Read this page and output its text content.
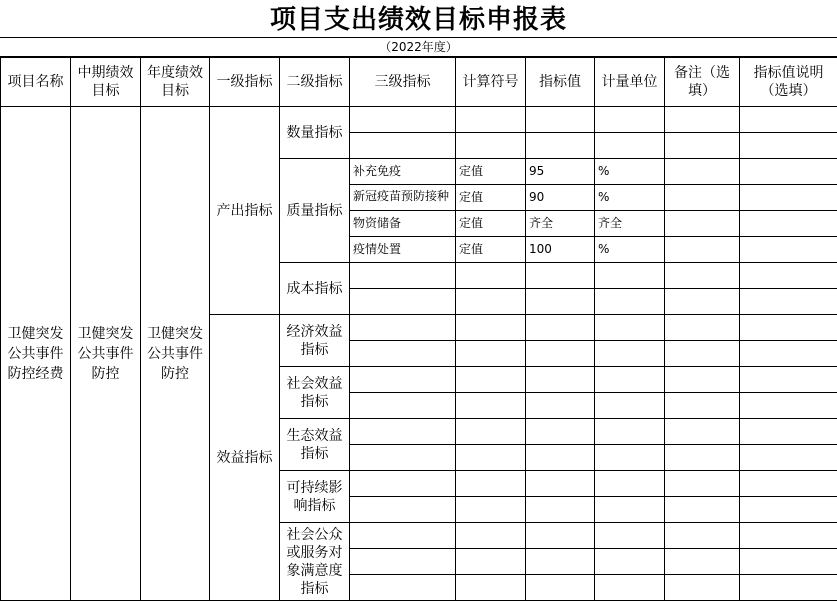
项目支出绩效目标申报表
（2022年度）
项目名称	中期绩效目标	年度绩效目标	一级指标	二级指标	三级指标	计算符号	指标值	计量单位	备注（选填）	指标值说明（选填）
卫健突发公共事件防控经费	卫健突发公共事件防控	卫健突发公共事件防控	产出指标	数量指标						

				质量指标	补充免疫	定值	95	%		

					新冠疫苗预防接种	定值	90	%		
					物资储备	定值	齐全	齐全		
					疫情处置	定值	100	%		
				成本指标						

			效益指标	经济效益指标						

				社会效益指标						

				生态效益指标						

				可持续影响指标						

				社会公众或服务对象满意度指标						
